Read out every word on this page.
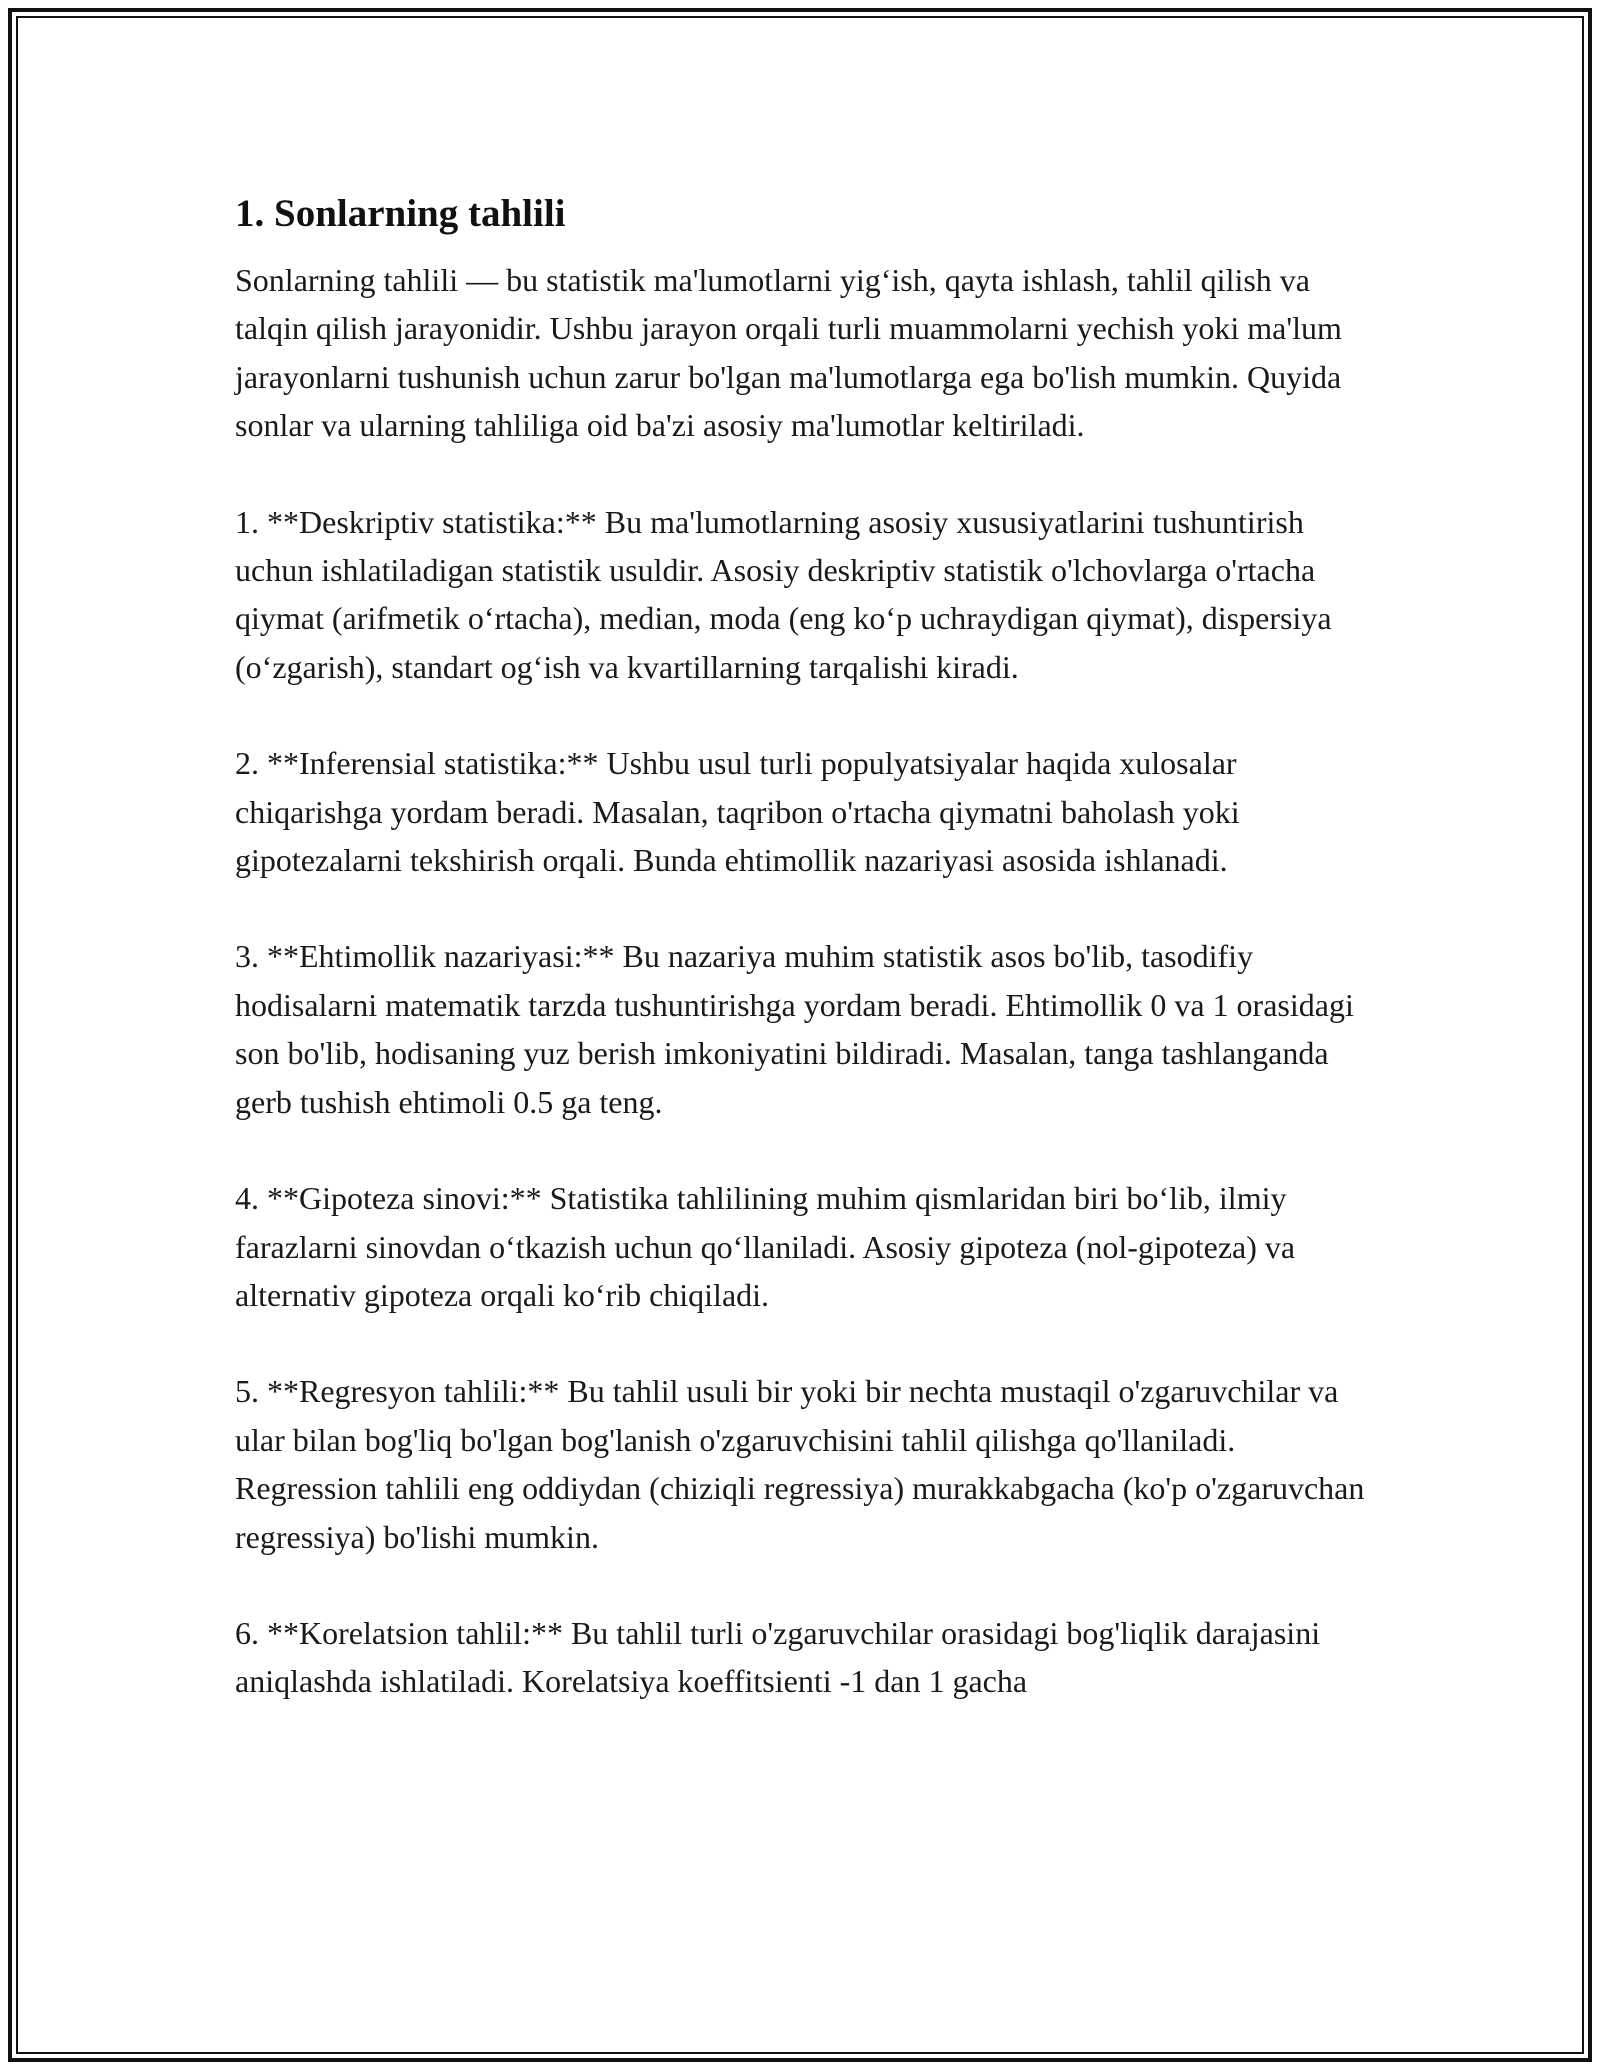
1. Sonlarning tahlili

Sonlarning tahlili — bu statistik ma'lumotlarni yig‘ish, qayta ishlash, tahlil qilish va talqin qilish jarayonidir. Ushbu jarayon orqali turli muammolarni yechish yoki ma'lum jarayonlarni tushunish uchun zarur bo'lgan ma'lumotlarga ega bo'lish mumkin. Quyida sonlar va ularning tahliliga oid ba'zi asosiy ma'lumotlar keltiriladi.

1. **Deskriptiv statistika:** Bu ma'lumotlarning asosiy xususiyatlarini tushuntirish uchun ishlatiladigan statistik usuldir. Asosiy deskriptiv statistik o'lchovlarga o'rtacha qiymat (arifmetik o‘rtacha), median, moda (eng ko‘p uchraydigan qiymat), dispersiya (o‘zgarish), standart og‘ish va kvartillarning tarqalishi kiradi.

2. **Inferensial statistika:** Ushbu usul turli populyatsiyalar haqida xulosalar chiqarishga yordam beradi. Masalan, taqribon o'rtacha qiymatni baholash yoki gipotezalarni tekshirish orqali. Bunda ehtimollik nazariyasi asosida ishlanadi.

3. **Ehtimollik nazariyasi:** Bu nazariya muhim statistik asos bo'lib, tasodifiy hodisalarni matematik tarzda tushuntirishga yordam beradi. Ehtimollik 0 va 1 orasidagi son bo'lib, hodisaning yuz berish imkoniyatini bildiradi. Masalan, tanga tashlanganda gerb tushish ehtimoli 0.5 ga teng.

4. **Gipoteza sinovi:** Statistika tahlilining muhim qismlaridan biri bo‘lib, ilmiy farazlarni sinovdan o‘tkazish uchun qo‘llaniladi. Asosiy gipoteza (nol-gipoteza) va alternativ gipoteza orqali ko‘rib chiqiladi.

5. **Regresyon tahlili:** Bu tahlil usuli bir yoki bir nechta mustaqil o'zgaruvchilar va ular bilan bog'liq bo'lgan bog'lanish o'zgaruvchisini tahlil qilishga qo'llaniladi. Regression tahlili eng oddiydan (chiziqli regressiya) murakkabgacha (ko'p o'zgaruvchan regressiya) bo'lishi mumkin.

6. **Korelatsion tahlil:** Bu tahlil turli o'zgaruvchilar orasidagi bog'liqlik darajasini aniqlashda ishlatiladi. Korelatsiya koeffitsienti -1 dan 1 gacha
